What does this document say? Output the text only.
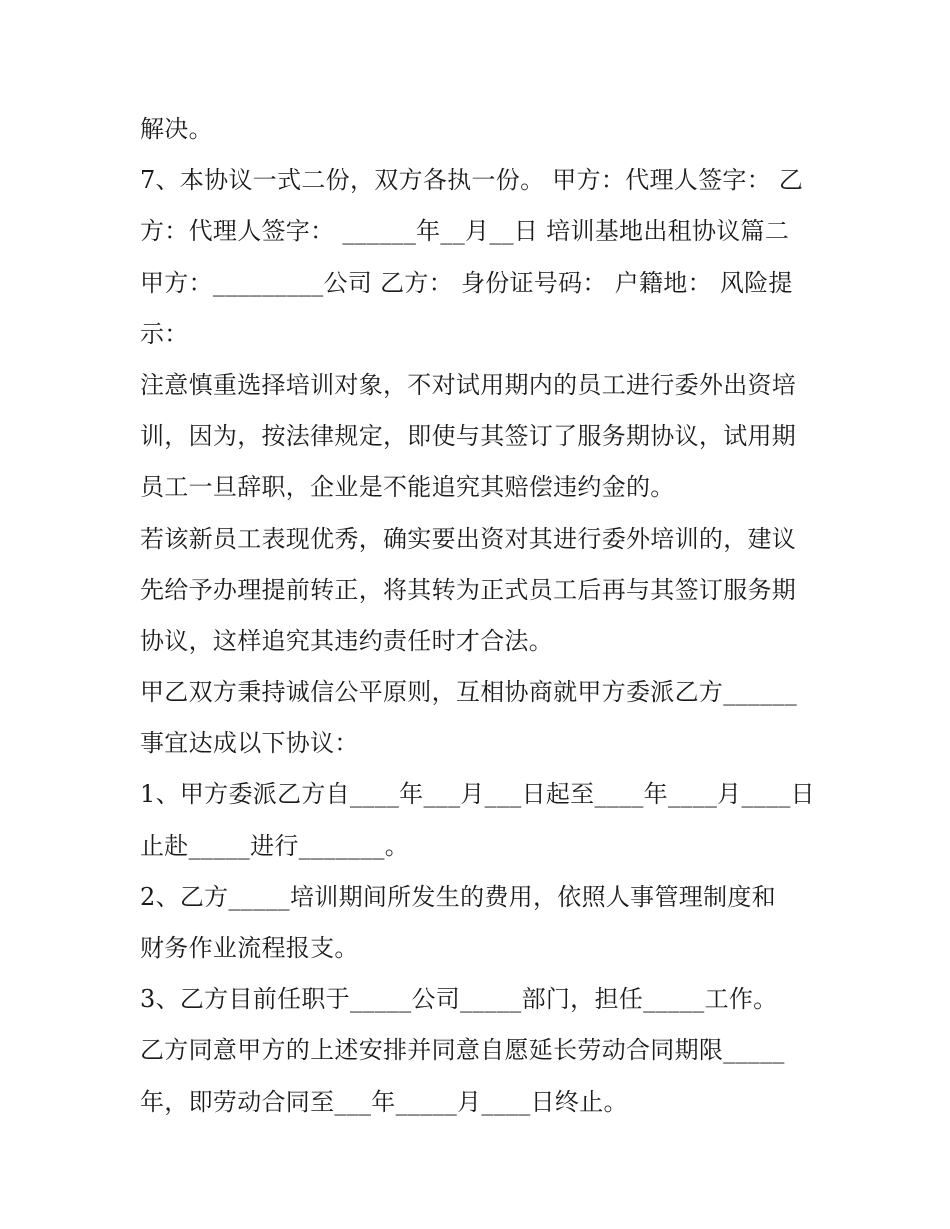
解决。
7、本协议一式二份，双方各执一份。 甲方：代理人签字： 乙
方：代理人签字： ______年__月__日 培训基地出租协议篇二
甲方：_________公司 乙方： 身份证号码： 户籍地： 风险提
示：
注意慎重选择培训对象，不对试用期内的员工进行委外出资培
训，因为，按法律规定，即使与其签订了服务期协议，试用期
员工一旦辞职，企业是不能追究其赔偿违约金的。
若该新员工表现优秀，确实要出资对其进行委外培训的，建议
先给予办理提前转正，将其转为正式员工后再与其签订服务期
协议，这样追究其违约责任时才合法。
甲乙双方秉持诚信公平原则，互相协商就甲方委派乙方______
事宜达成以下协议：
1、甲方委派乙方自____年___月___日起至____年____月____日
止赴_____进行_______。
2、乙方_____培训期间所发生的费用，依照人事管理制度和
财务作业流程报支。
3、乙方目前任职于_____公司_____部门，担任_____工作。
乙方同意甲方的上述安排并同意自愿延长劳动合同期限_____
年，即劳动合同至___年_____月____日终止。
